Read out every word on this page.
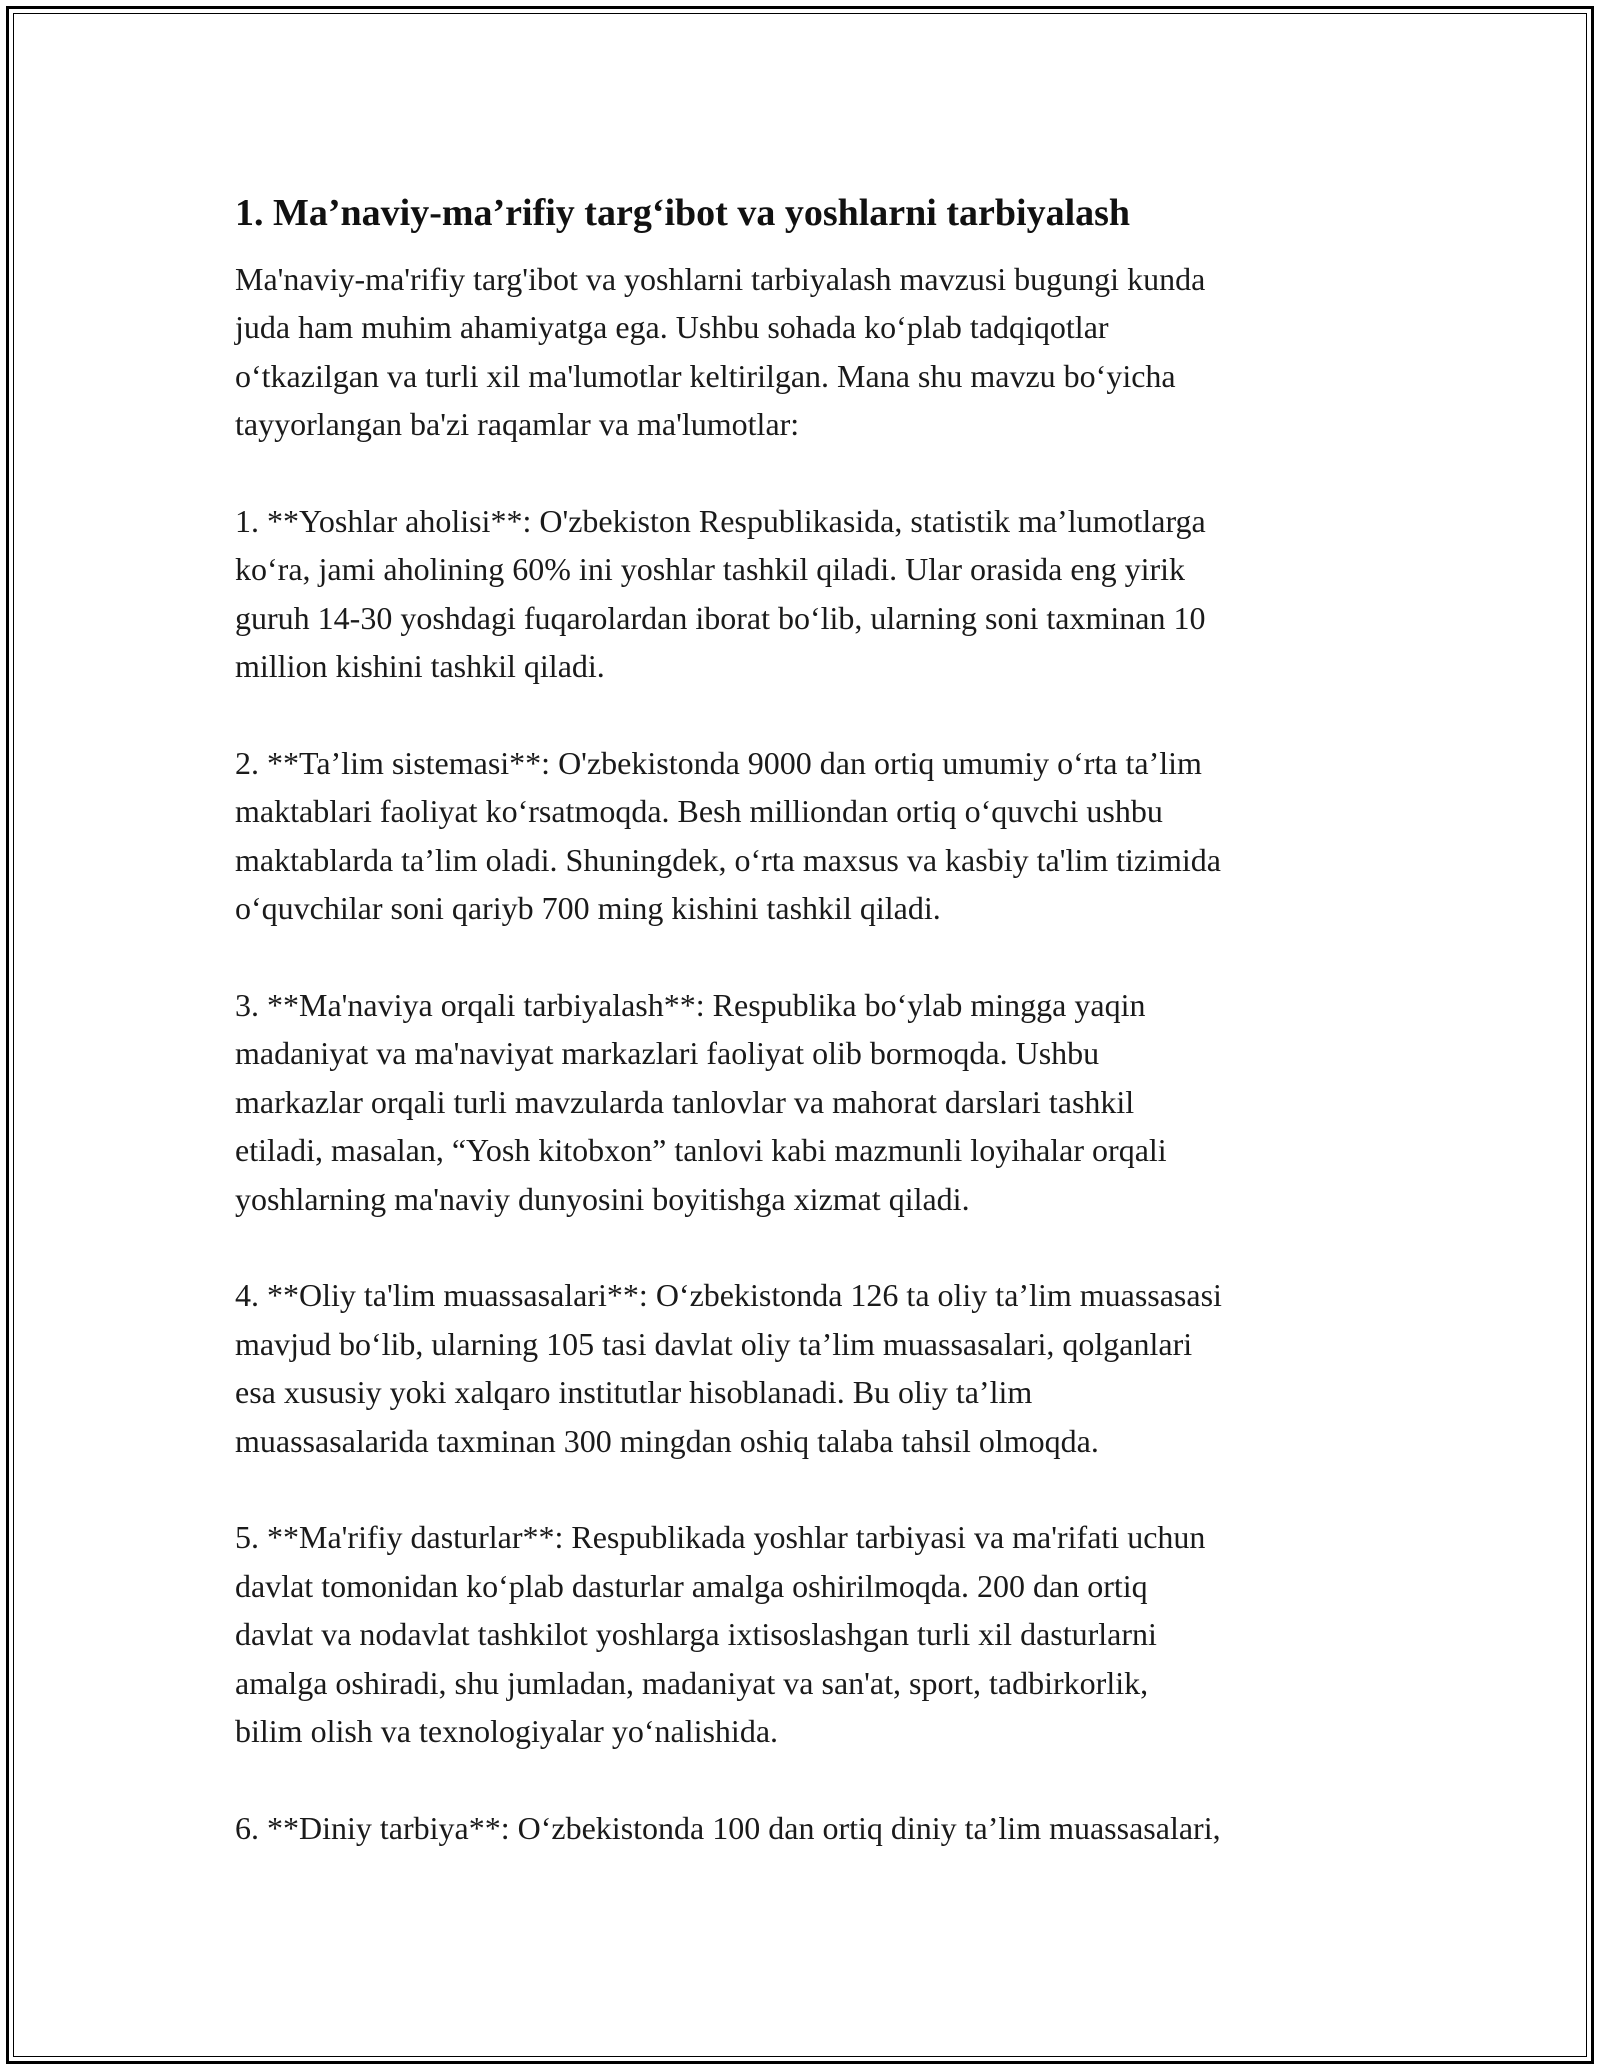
1. Ma’naviy-ma’rifiy targ‘ibot va yoshlarni tarbiyalash

Ma'naviy-ma'rifiy targ'ibot va yoshlarni tarbiyalash mavzusi bugungi kunda
juda ham muhim ahamiyatga ega. Ushbu sohada ko‘plab tadqiqotlar
o‘tkazilgan va turli xil ma'lumotlar keltirilgan. Mana shu mavzu bo‘yicha
tayyorlangan ba'zi raqamlar va ma'lumotlar:

1. **Yoshlar aholisi**: O'zbekiston Respublikasida, statistik ma’lumotlarga
ko‘ra, jami aholining 60% ini yoshlar tashkil qiladi. Ular orasida eng yirik
guruh 14-30 yoshdagi fuqarolardan iborat bo‘lib, ularning soni taxminan 10
million kishini tashkil qiladi.

2. **Ta’lim sistemasi**: O'zbekistonda 9000 dan ortiq umumiy o‘rta ta’lim
maktablari faoliyat ko‘rsatmoqda. Besh milliondan ortiq o‘quvchi ushbu
maktablarda ta’lim oladi. Shuningdek, o‘rta maxsus va kasbiy ta'lim tizimida
o‘quvchilar soni qariyb 700 ming kishini tashkil qiladi.

3. **Ma'naviya orqali tarbiyalash**: Respublika bo‘ylab mingga yaqin
madaniyat va ma'naviyat markazlari faoliyat olib bormoqda. Ushbu
markazlar orqali turli mavzularda tanlovlar va mahorat darslari tashkil
etiladi, masalan, “Yosh kitobxon” tanlovi kabi mazmunli loyihalar orqali
yoshlarning ma'naviy dunyosini boyitishga xizmat qiladi.

4. **Oliy ta'lim muassasalari**: O‘zbekistonda 126 ta oliy ta’lim muassasasi
mavjud bo‘lib, ularning 105 tasi davlat oliy ta’lim muassasalari, qolganlari
esa xususiy yoki xalqaro institutlar hisoblanadi. Bu oliy ta’lim
muassasalarida taxminan 300 mingdan oshiq talaba tahsil olmoqda.

5. **Ma'rifiy dasturlar**: Respublikada yoshlar tarbiyasi va ma'rifati uchun
davlat tomonidan ko‘plab dasturlar amalga oshirilmoqda. 200 dan ortiq
davlat va nodavlat tashkilot yoshlarga ixtisoslashgan turli xil dasturlarni
amalga oshiradi, shu jumladan, madaniyat va san'at, sport, tadbirkorlik,
bilim olish va texnologiyalar yo‘nalishida.

6. **Diniy tarbiya**: O‘zbekistonda 100 dan ortiq diniy ta’lim muassasalari,
